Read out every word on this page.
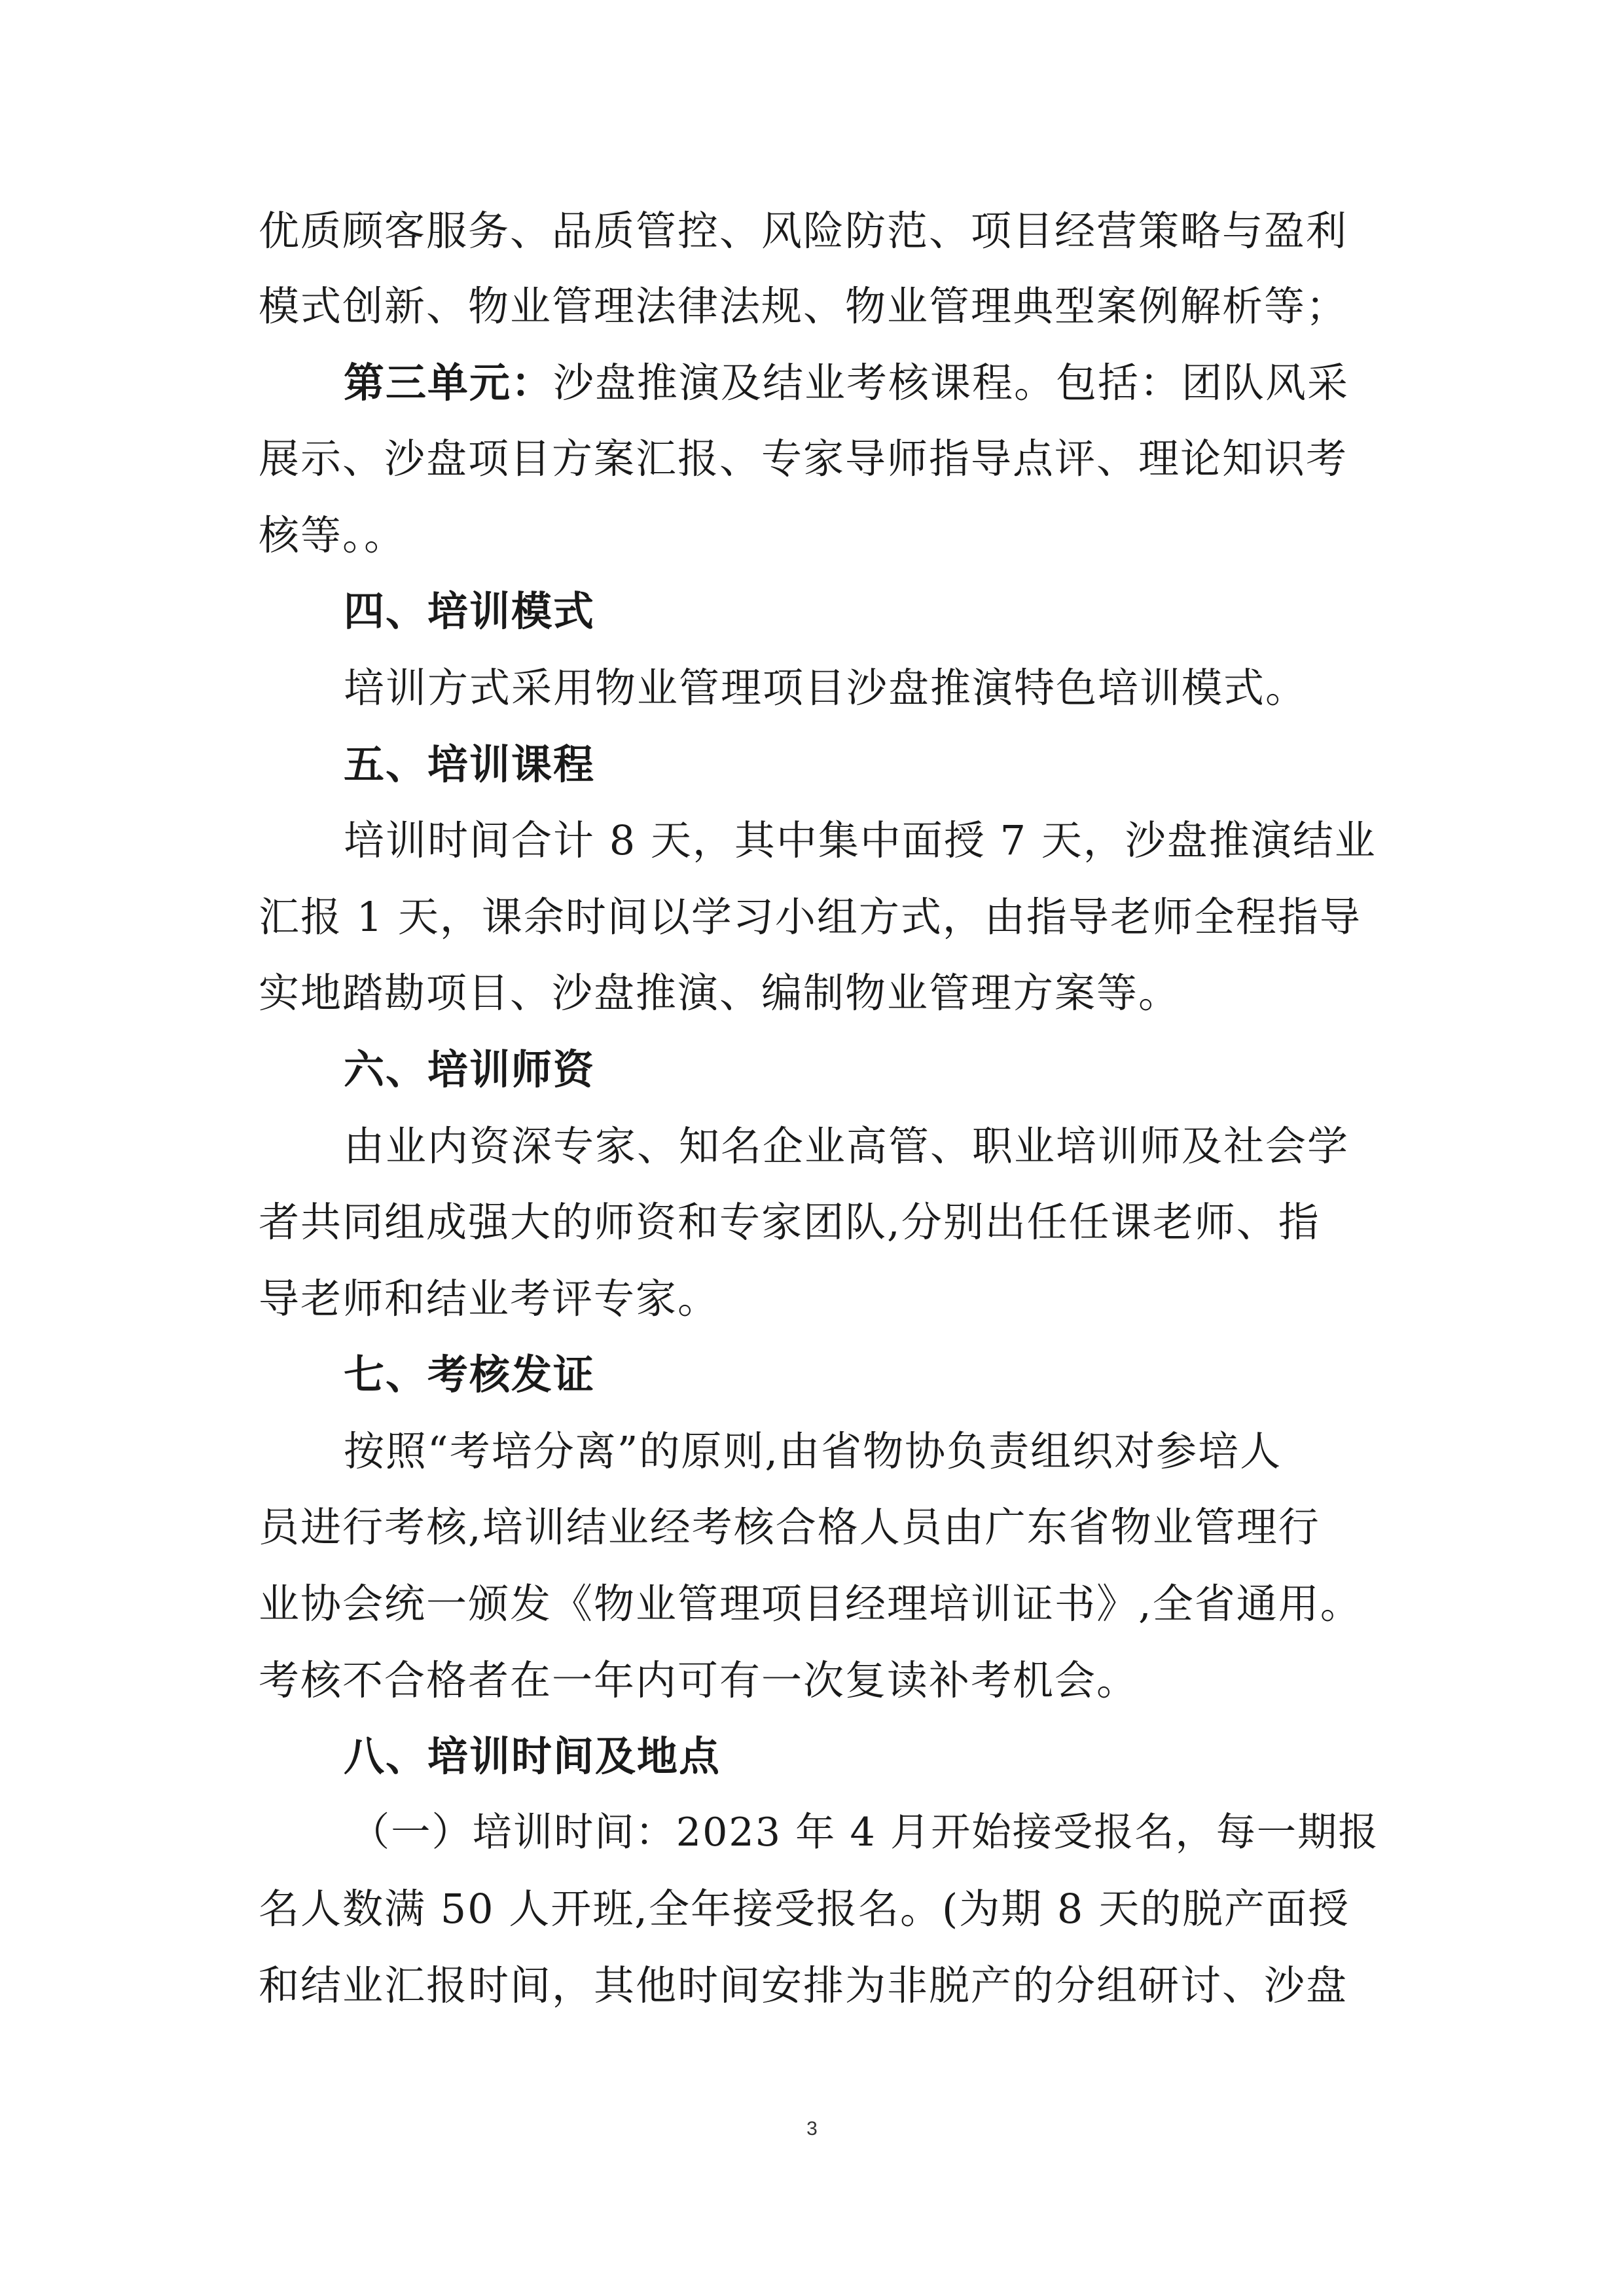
优质顾客服务、品质管控、风险防范、项目经营策略与盈利
模式创新、物业管理法律法规、物业管理典型案例解析等；
第三单元：沙盘推演及结业考核课程。包括：团队风采
展示、沙盘项目方案汇报、专家导师指导点评、理论知识考
核等。。
四、培训模式
培训方式采用物业管理项目沙盘推演特色培训模式。
五、培训课程
培训时间合计 8 天，其中集中面授 7 天，沙盘推演结业
汇报 1 天，课余时间以学习小组方式，由指导老师全程指导
实地踏勘项目、沙盘推演、编制物业管理方案等。
六、培训师资
由业内资深专家、知名企业高管、职业培训师及社会学
者共同组成强大的师资和专家团队,分别出任任课老师、指
导老师和结业考评专家。
七、考核发证
按照“考培分离”的原则,由省物协负责组织对参培人
员进行考核,培训结业经考核合格人员由广东省物业管理行
业协会统一颁发《物业管理项目经理培训证书》,全省通用。
考核不合格者在一年内可有一次复读补考机会。
八、培训时间及地点
（一）培训时间：2023 年 4 月开始接受报名，每一期报
名人数满 50 人开班,全年接受报名。(为期 8 天的脱产面授
和结业汇报时间，其他时间安排为非脱产的分组研讨、沙盘
3
